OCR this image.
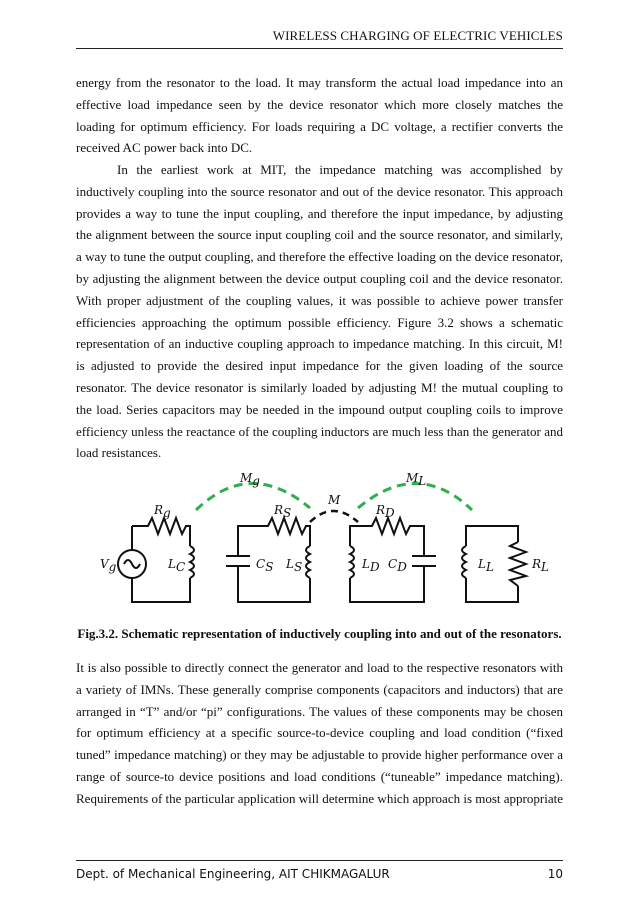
WIRELESS CHARGING OF ELECTRIC VEHICLES

energy from the resonator to the load. It may transform the actual load impedance into an effective load impedance seen by the device resonator which more closely matches the loading for optimum efficiency. For loads requiring a DC voltage, a rectifier converts the received AC power back into DC.

In the earliest work at MIT, the impedance matching was accomplished by inductively coupling into the source resonator and out of the device resonator. This approach provides a way to tune the input coupling, and therefore the input impedance, by adjusting the alignment between the source input coupling coil and the source resonator, and similarly, a way to tune the output coupling, and therefore the effective loading on the device resonator, by adjusting the alignment between the device output coupling coil and the device resonator. With proper adjustment of the coupling values, it was possible to achieve power transfer efficiencies approaching the optimum possible efficiency. Figure 3.2 shows a schematic representation of an inductive coupling approach to impedance matching. In this circuit, M! is adjusted to provide the desired input impedance for the given loading of the source resonator. The device resonator is similarly loaded by adjusting M! the mutual coupling to the load. Series capacitors may be needed in the impound output coupling coils to improve efficiency unless the reactance of the coupling inductors are much less than the generator and load resistances.

Mg
M
ML
Rg	RS	RD
Vg	LC	CS LS	LD CD	LL	RL

Fig.3.2. Schematic representation of inductively coupling into and out of the resonators.

It is also possible to directly connect the generator and load to the respective resonators with a variety of IMNs. These generally comprise components (capacitors and inductors) that are arranged in “T” and/or “pi” configurations. The values of these components may be chosen for optimum efficiency at a specific source-to-device coupling and load condition (“fixed tuned” impedance matching) or they may be adjustable to provide higher performance over a range of source-to device positions and load conditions (“tuneable” impedance matching). Requirements of the particular application will determine which approach is most appropriate

Dept. of Mechanical Engineering, AIT CHIKMAGALUR	10
